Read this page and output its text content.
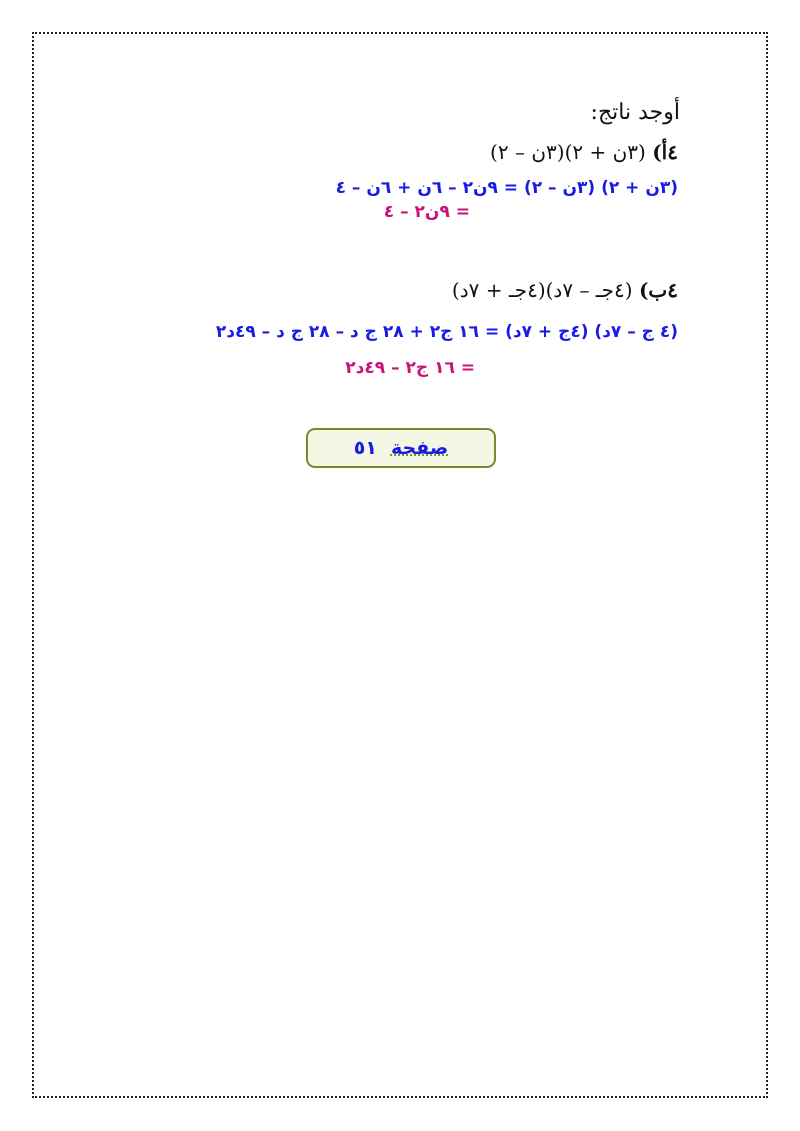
أوجد ناتج:
٤أ) (٣ن + ٢)(٣ن – ٢)
(٣ن + ٢) (٣ن – ٢) = ٩ن٢ – ٦ن + ٦ن – ٤
= ٩ن٢ – ٤
٤ب) (٤جـ – ٧د)(٤جـ + ٧د)
(٤ ج – ٧د) (٤ج + ٧د) = ١٦ ج٢ + ٢٨ ج د – ٢٨ ج د – ٤٩د٢
= ١٦ ج٢ – ٤٩د٢
صفحة
٥١
